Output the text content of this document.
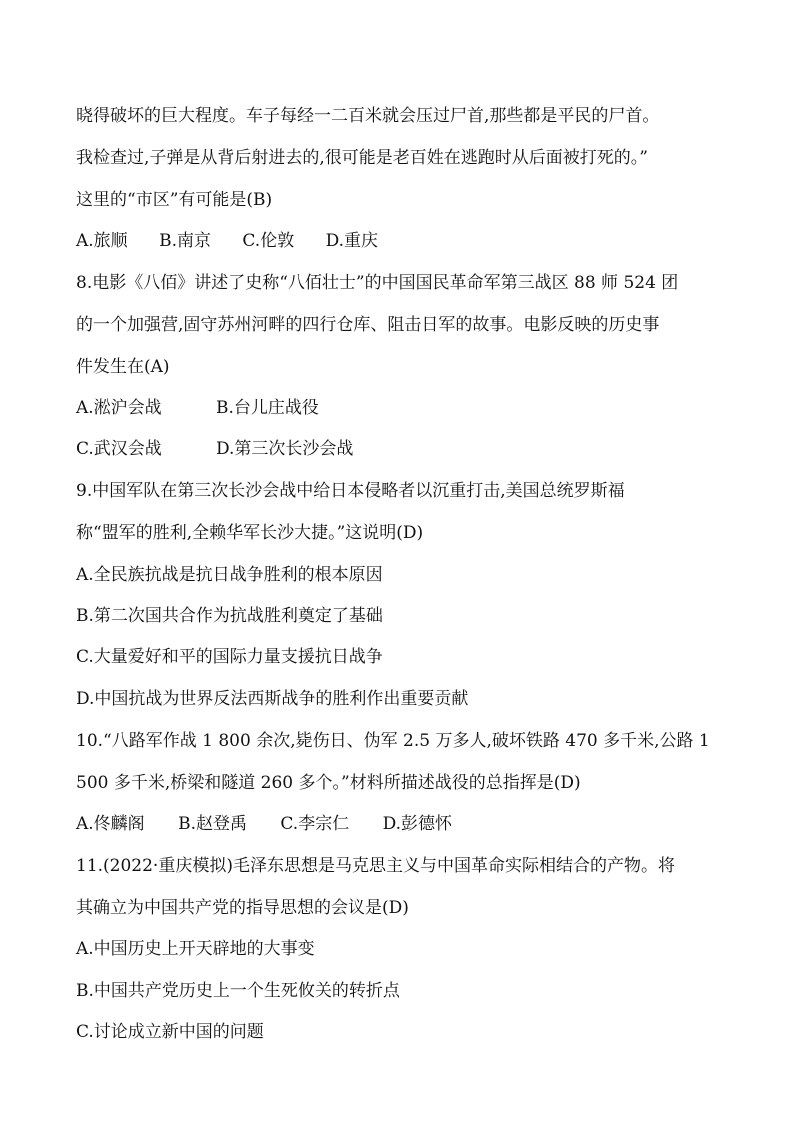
晓得破坏的巨大程度。车子每经一二百米就会压过尸首,那些都是平民的尸首。
我检查过,子弹是从背后射进去的,很可能是老百姓在逃跑时从后面被打死的。”
这里的“市区”有可能是(B)
A.旅顺 B.南京 C.伦敦 D.重庆
8.电影《八佰》讲述了史称“八佰壮士”的中国国民革命军第三战区 88 师 524 团
的一个加强营,固守苏州河畔的四行仓库、阻击日军的故事。电影反映的历史事
件发生在(A)
A.淞沪会战	B.台儿庄战役
C.武汉会战	D.第三次长沙会战
9.中国军队在第三次长沙会战中给日本侵略者以沉重打击,美国总统罗斯福
称“盟军的胜利,全赖华军长沙大捷。”这说明(D)
A.全民族抗战是抗日战争胜利的根本原因
B.第二次国共合作为抗战胜利奠定了基础
C.大量爱好和平的国际力量支援抗日战争
D.中国抗战为世界反法西斯战争的胜利作出重要贡献
10.“八路军作战 1 800 余次,毙伤日、伪军 2.5 万多人,破坏铁路 470 多千米,公路 1
500 多千米,桥梁和隧道 260 多个。”材料所描述战役的总指挥是(D)
A.佟麟阁 B.赵登禹 C.李宗仁 D.彭德怀
11.(2022·重庆模拟)毛泽东思想是马克思主义与中国革命实际相结合的产物。将
其确立为中国共产党的指导思想的会议是(D)
A.中国历史上开天辟地的大事变
B.中国共产党历史上一个生死攸关的转折点
C.讨论成立新中国的问题
